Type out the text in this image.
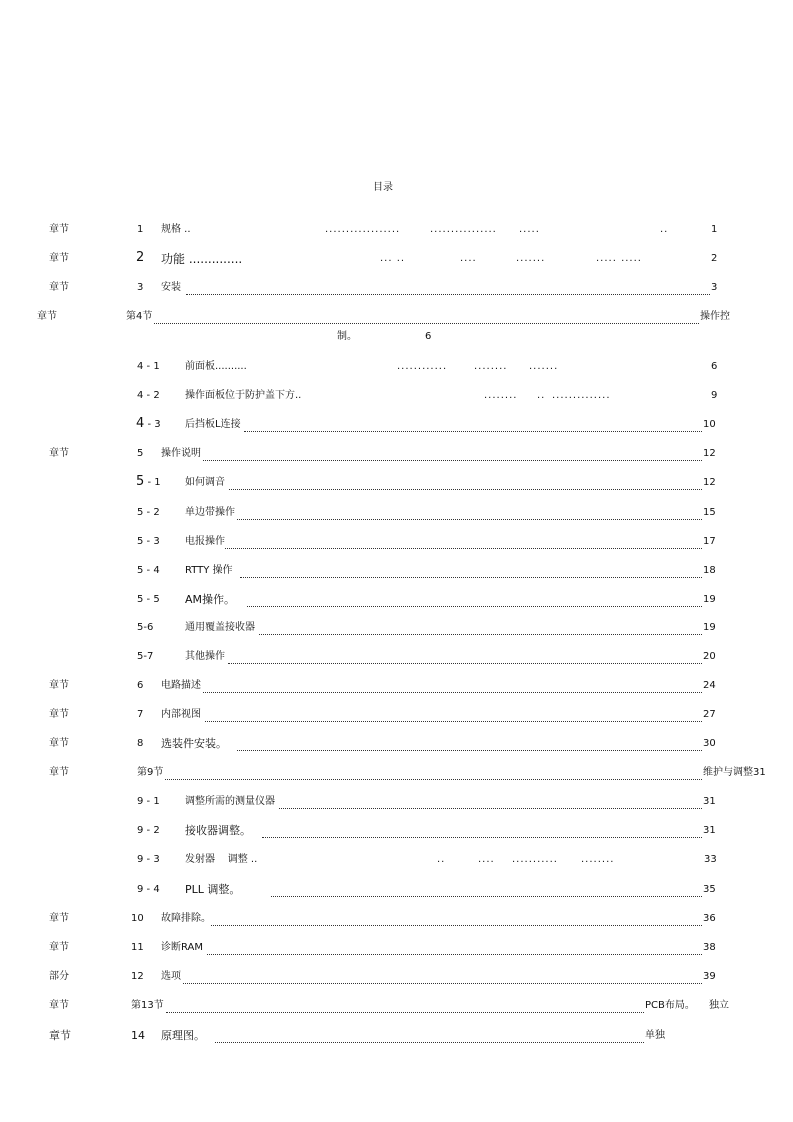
目录
章节	1 规格 ..	..................	................ .....	..	1
章节	2 功能 ..............	... ..	....	.......	..... .....	2
章节	3 安装	3
章节	第4节	操作控
制。	6
4 - 1	前面板..........	............	........ .......	6
4 - 2	操作面板位于防护盖下方..	........ .. ..............	9
4 - 3 后挡板L连接	10
章节	5 操作说明	12
5 - 1 如何调音	12
5 - 2	单边带操作	15
5 - 3	电报操作	17
5 - 4	RTTY 操作	18
5 - 5 AM操作。	19
5-6	通用覆盖接收器	19
5-7	其他操作	20
章节	6 电路描述	24
章节	7 内部视图	27
章节	8 选装件安装。	30
章节	第9节	维护与调整31
9 - 1	调整所需的测量仪器	31
9 - 2 接收器调整。	31
9 - 3	发射器    调整 ..	..	.... ........... ........	33
9 - 4 PLL 调整。	35
章节	10 故障排除。	36
章节	11 诊断RAM	38
部分	12 选项	39
章节	第13节	PCB布局。 独立
章节	14 原理图。	单独
